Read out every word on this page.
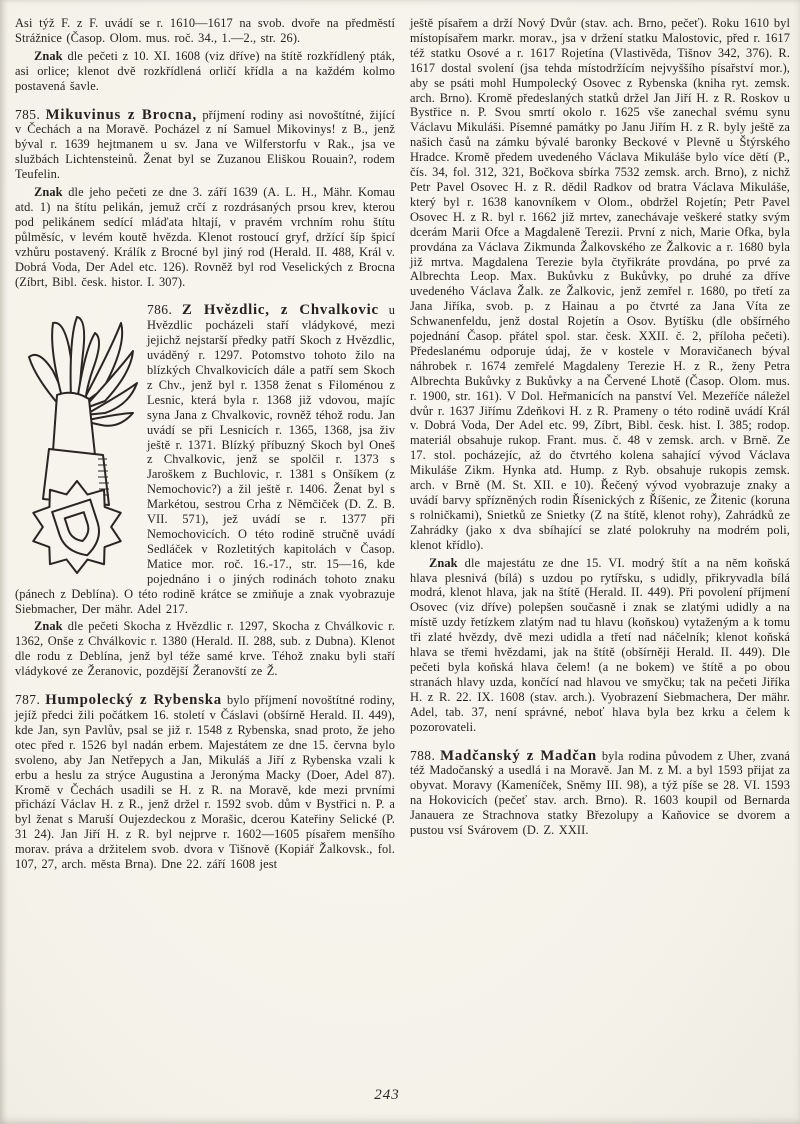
Asi týž F. z F. uvádí se r. 1610—1617 na svob. dvoře na předměstí Strážnice (Časop. Olom. mus. roč. 34., 1.—2., str. 26).

Znak dle pečeti z 10. XI. 1608 (viz dříve) na štítě rozkřídlený pták, asi orlice; klenot dvě rozkřídlená orličí křídla a na každém kolmo postavená šavle.

785. Mikuvinus z Brocna, příjmení rodiny asi novoštítné, žijící v Čechách a na Moravě. Pocházel z ní Samuel Mikovinys! z B., jenž býval r. 1639 hejtmanem u sv. Jana ve Wilferstorfu v Rak., jsa ve službách Lichtensteinů. Ženat byl se Zuzanou Eliškou Rouain?, rodem Teufelin.

Znak dle jeho pečeti ze dne 3. září 1639 (A. L. H., Mähr. Komau atd. 1) na štítu pelikán, jemuž crčí z rozdrásaných prsou krev, kterou pod pelikánem sedící mláďata hltají, v pravém vrchním rohu štítu půlměsíc, v levém koutě hvězda. Klenot rostoucí gryf, držící šíp špicí vzhůru postavený. Králík z Brocné byl jiný rod (Herald. II. 488, Král v. Dobrá Voda, Der Adel etc. 126). Rovněž byl rod Veselických z Brocna (Zíbrt, Bibl. česk. histor. I. 307).

786. Z Hvězdlic, z Chvalkovic u Hvězdlic pocházeli staří vládykové, mezi jejichž nejstarší předky patří Skoch z Hvězdlic, uváděný r. 1297. Potomstvo tohoto žilo na blízkých Chvalkovicích dále a patří sem Skoch z Chv., jenž byl r. 1358 ženat s Filoménou z Lesnic, která byla r. 1368 již vdovou, majíc syna Jana z Chvalkovic, rovněž téhož rodu. Jan uvádí se při Lesnicích r. 1365, 1368, jsa živ ještě r. 1371. Blízký příbuzný Skoch byl Oneš z Chvalkovic, jenž se spolčil r. 1373 s Jaroškem z Buchlovic, r. 1381 s Onšíkem (z Nemochovic?) a žil ještě r. 1406. Ženat byl s Markétou, sestrou Crha z Němčiček (D. Z. B. VII. 571), jež uvádí se r. 1377 při Nemochovicích. O této rodině stručně uvádí Sedláček v Rozletitých kapitolách v Časop. Matice mor. roč. 16.-17., str. 15—16, kde pojednáno i o jiných rodinách tohoto znaku (pánech z Deblína). O této rodině krátce se zmiňuje a znak vyobrazuje Siebmacher, Der mähr. Adel 217.

Znak dle pečeti Skocha z Hvězdlic r. 1297, Skocha z Chválkovic r. 1362, Onše z Chválkovic r. 1380 (Herald. II. 288, sub. z Dubna). Klenot dle rodu z Deblína, jenž byl téže samé krve. Téhož znaku byli staří vládykové ze Žeranovic, pozdější Žeranovští ze Ž.

787. Humpolecký z Rybenska bylo příjmení novoštítné rodiny, jejíž předci žili počátkem 16. století v Čáslavi (obšírně Herald. II. 449), kde Jan, syn Pavlův, psal se již r. 1548 z Rybenska, snad proto, že jeho otec před r. 1526 byl nadán erbem. Majestátem ze dne 15. června bylo svoleno, aby Jan Netřepych a Jan, Mikuláš a Jiří z Rybenska vzali k erbu a heslu za strýce Augustina a Jeronýma Macky (Doer, Adel 87). Kromě v Čechách usadili se H. z R. na Moravě, kde mezi prvními přichází Václav H. z R., jenž držel r. 1592 svob. dům v Bystřici n. P. a byl ženat s Maruší Oujezdeckou z Morašic, dcerou Kateřiny Selické (P. 31 24). Jan Jiří H. z R. byl nejprve r. 1602—1605 písařem menšího morav. práva a držitelem svob. dvora v Tišnově (Kopiář Žalkovsk., fol. 107, 27, arch. města Brna). Dne 22. září 1608 jest

ještě písařem a drží Nový Dvůr (stav. ach. Brno, pečeť). Roku 1610 byl místopísařem markr. morav., jsa v držení statku Malostovic, před r. 1617 též statku Osové a r. 1617 Rojetína (Vlastivěda, Tišnov 342, 376). R. 1617 dostal svolení (jsa tehda místodržícím nejvyššího písařství mor.), aby se psáti mohl Humpolecký Osovec z Rybenska (kniha ryt. zemsk. arch. Brno). Kromě předeslaných statků držel Jan Jiří H. z R. Roskov u Bystřice n. P. Svou smrtí okolo r. 1625 vše zanechal svému synu Václavu Mikuláši. Písemné památky po Janu Jiřím H. z R. byly ještě za našich časů na zámku bývalé baronky Beckové v Plevně u Štýrského Hradce. Kromě předem uvedeného Václava Mikuláše bylo více dětí (P., čís. 34, fol. 312, 321, Bočkova sbírka 7532 zemsk. arch. Brno), z nichž Petr Pavel Osovec H. z R. dědil Radkov od bratra Václava Mikuláše, který byl r. 1638 kanovníkem v Olom., obdržel Rojetín; Petr Pavel Osovec H. z R. byl r. 1662 již mrtev, zanechávaje veškeré statky svým dcerám Marii Ofce a Magdaleně Terezii. První z nich, Marie Ofka, byla provdána za Václava Zikmunda Žalkovského ze Žalkovic a r. 1680 byla již mrtva. Magdalena Terezie byla čtyřikráte provdána, po prvé za Albrechta Leop. Max. Bukůvku z Bukůvky, po druhé za dříve uvedeného Václava Žalk. ze Žalkovic, jenž zemřel r. 1680, po třetí za Jana Jiříka, svob. p. z Hainau a po čtvrté za Jana Víta ze Schwanenfeldu, jenž dostal Rojetín a Osov. Bytíšku (dle obšírného pojednání Časop. přátel spol. star. česk. XXII. č. 2, příloha pečeti). Předeslanému odporuje údaj, že v kostele v Moravičanech býval náhrobek r. 1674 zemřelé Magdaleny Terezie H. z R., ženy Petra Albrechta Bukůvky z Bukůvky a na Červené Lhotě (Časop. Olom. mus. r. 1900, str. 161). V Dol. Heřmanicích na panství Vel. Mezeříče náležel dvůr r. 1637 Jiřímu Zdeňkovi H. z R. Prameny o této rodině uvádí Král v. Dobrá Voda, Der Adel etc. 99, Zíbrt, Bibl. česk. hist. I. 385; rodop. materiál obsahuje rukop. Frant. mus. č. 48 v zemsk. arch. v Brně. Ze 17. stol. pocházejíc, až do čtvrtého kolena sahající vývod Václava Mikuláše Zikm. Hynka atd. Hump. z Ryb. obsahuje rukopis zemsk. arch. v Brně (M. St. XII. e 10). Řečený vývod vyobrazuje znaky a uvádí barvy spřízněných rodin Řísenických z Říšenic, ze Žitenic (koruna s rolničkami), Snietků ze Snietky (Z na štítě, klenot rohy), Zahrádků ze Zahrádky (jako x dva sbíhající se zlaté polokruhy na modrém poli, klenot křídlo).

Znak dle majestátu ze dne 15. VI. modrý štít a na něm koňská hlava plesnivá (bílá) s uzdou po rytířsku, s udidly, přikryvadla bílá modrá, klenot hlava, jak na štítě (Herald. II. 449). Při povolení příjmení Osovec (viz dříve) polepšen současně i znak se zlatými udidly a na místě uzdy řetízkem zlatým nad tu hlavu (koňskou) vytaženým a k tomu tři zlaté hvězdy, dvě mezi udidla a třetí nad náčelník; klenot koňská hlava se třemi hvězdami, jak na štítě (obšírněji Herald. II. 449). Dle pečeti byla koňská hlava čelem! (a ne bokem) ve štítě a po obou stranách hlavy uzda, končící nad hlavou ve smyčku; tak na pečeti Jiříka H. z R. 22. IX. 1608 (stav. arch.). Vyobrazení Siebmachera, Der mähr. Adel, tab. 37, není správné, neboť hlava byla bez krku a čelem k pozorovateli.

788. Madčanský z Madčan byla rodina původem z Uher, zvaná též Madočanský a usedlá i na Moravě. Jan M. z M. a byl 1593 přijat za obyvat. Moravy (Kameníček, Sněmy III. 98), a týž píše se 28. VI. 1593 na Hokovicích (pečeť stav. arch. Brno). R. 1603 koupil od Bernarda Janauera ze Strachnova statky Březolupy a Kaňovice se dvorem a pustou vsí Svárovem (D. Z. XXII.

243
